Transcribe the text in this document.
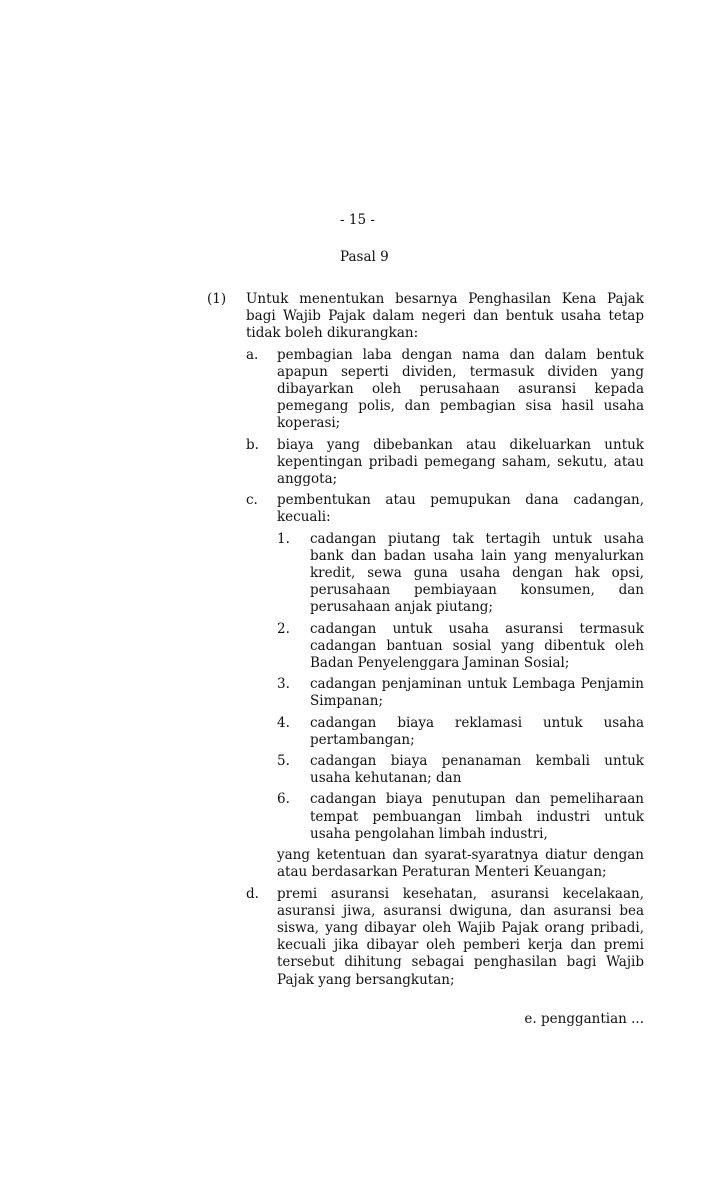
- 15 -
Pasal 9
(1)	Untuk menentukan besarnya Penghasilan Kena Pajak bagi Wajib Pajak dalam negeri dan bentuk usaha tetap tidak boleh dikurangkan:
a.	pembagian laba dengan nama dan dalam bentuk apapun seperti dividen, termasuk dividen yang dibayarkan oleh perusahaan asuransi kepada pemegang polis, dan pembagian sisa hasil usaha koperasi;
b.	biaya yang dibebankan atau dikeluarkan untuk kepentingan pribadi pemegang saham, sekutu, atau anggota;
c.	pembentukan atau pemupukan dana cadangan, kecuali:
1.	cadangan piutang tak tertagih untuk usaha bank dan badan usaha lain yang menyalurkan kredit, sewa guna usaha dengan hak opsi, perusahaan pembiayaan konsumen, dan perusahaan anjak piutang;
2.	cadangan untuk usaha asuransi termasuk cadangan bantuan sosial yang dibentuk oleh Badan Penyelenggara Jaminan Sosial;
3.	cadangan penjaminan untuk Lembaga Penjamin Simpanan;
4.	cadangan biaya reklamasi untuk usaha pertambangan;
5.	cadangan biaya penanaman kembali untuk usaha kehutanan; dan
6.	cadangan biaya penutupan dan pemeliharaan tempat pembuangan limbah industri untuk usaha pengolahan limbah industri,
yang ketentuan dan syarat-syaratnya diatur dengan atau berdasarkan Peraturan Menteri Keuangan;
d.	premi asuransi kesehatan, asuransi kecelakaan, asuransi jiwa, asuransi dwiguna, dan asuransi bea siswa, yang dibayar oleh Wajib Pajak orang pribadi, kecuali jika dibayar oleh pemberi kerja dan premi tersebut dihitung sebagai penghasilan bagi Wajib Pajak yang bersangkutan;
e. penggantian ...
